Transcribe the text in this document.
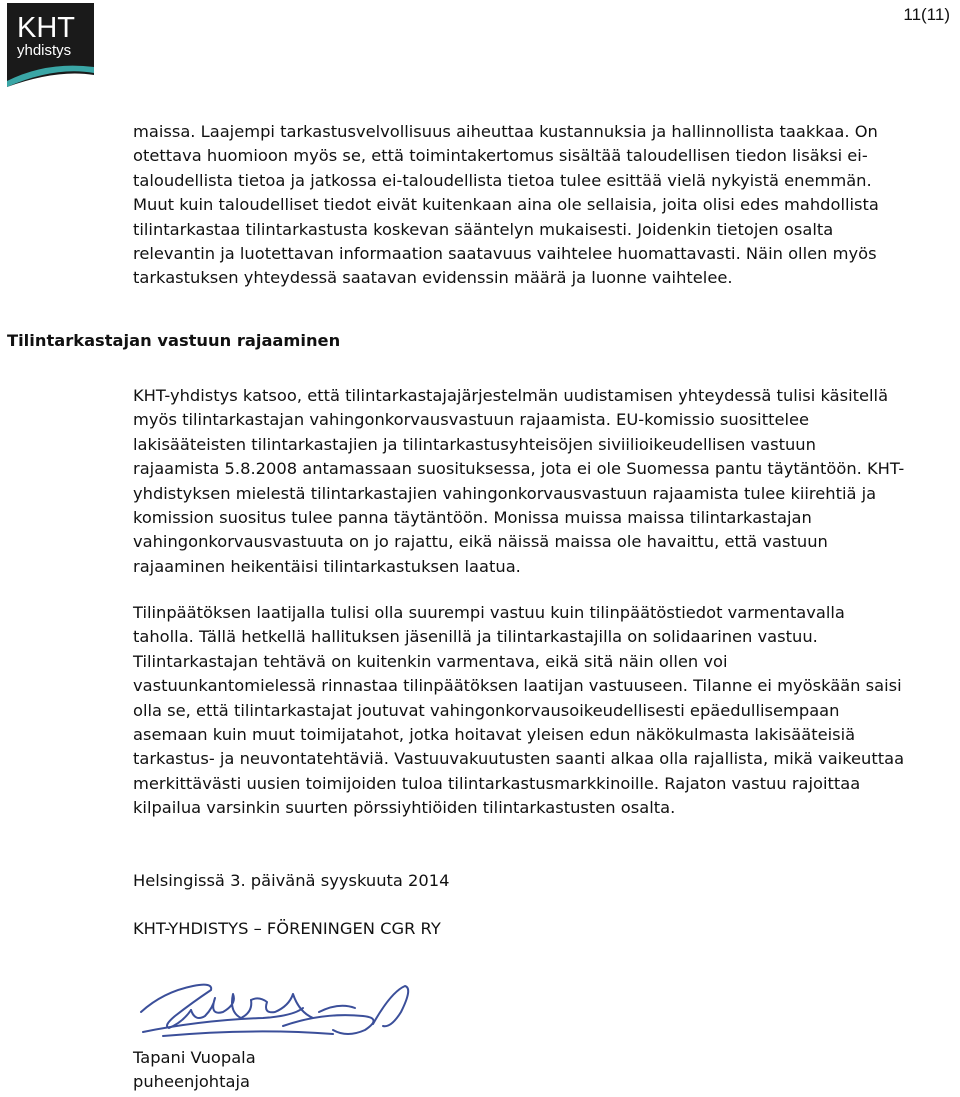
KHT
yhdistys
11(11)
maissa. Laajempi tarkastusvelvollisuus aiheuttaa kustannuksia ja hallinnollista taakkaa. On
otettava huomioon myös se, että toimintakertomus sisältää taloudellisen tiedon lisäksi ei-
taloudellista tietoa ja jatkossa ei-taloudellista tietoa tulee esittää vielä nykyistä enemmän.
Muut kuin taloudelliset tiedot eivät kuitenkaan aina ole sellaisia, joita olisi edes mahdollista
tilintarkastaa tilintarkastusta koskevan sääntelyn mukaisesti. Joidenkin tietojen osalta
relevantin ja luotettavan informaation saatavuus vaihtelee huomattavasti. Näin ollen myös
tarkastuksen yhteydessä saatavan evidenssin määrä ja luonne vaihtelee.
Tilintarkastajan vastuun rajaaminen
KHT-yhdistys katsoo, että tilintarkastajajärjestelmän uudistamisen yhteydessä tulisi käsitellä
myös tilintarkastajan vahingonkorvausvastuun rajaamista. EU-komissio suosittelee
lakisääteisten tilintarkastajien ja tilintarkastusyhteisöjen siviilioikeudellisen vastuun
rajaamista 5.8.2008 antamassaan suosituksessa, jota ei ole Suomessa pantu täytäntöön. KHT-
yhdistyksen mielestä tilintarkastajien vahingonkorvausvastuun rajaamista tulee kiirehtiä ja
komission suositus tulee panna täytäntöön. Monissa muissa maissa tilintarkastajan
vahingonkorvausvastuuta on jo rajattu, eikä näissä maissa ole havaittu, että vastuun
rajaaminen heikentäisi tilintarkastuksen laatua.
Tilinpäätöksen laatijalla tulisi olla suurempi vastuu kuin tilinpäätöstiedot varmentavalla
taholla. Tällä hetkellä hallituksen jäsenillä ja tilintarkastajilla on solidaarinen vastuu.
Tilintarkastajan tehtävä on kuitenkin varmentava, eikä sitä näin ollen voi
vastuunkantomielessä rinnastaa tilinpäätöksen laatijan vastuuseen. Tilanne ei myöskään saisi
olla se, että tilintarkastajat joutuvat vahingonkorvausoikeudellisesti epäedullisempaan
asemaan kuin muut toimijatahot, jotka hoitavat yleisen edun näkökulmasta lakisääteisiä
tarkastus- ja neuvontatehtäviä. Vastuuvakuutusten saanti alkaa olla rajallista, mikä vaikeuttaa
merkittävästi uusien toimijoiden tuloa tilintarkastusmarkkinoille. Rajaton vastuu rajoittaa
kilpailua varsinkin suurten pörssiyhtiöiden tilintarkastusten osalta.

Helsingissä 3. päivänä syyskuuta 2014

KHT-YHDISTYS – FÖRENINGEN CGR RY

Tapani Vuopala

puheenjohtaja
